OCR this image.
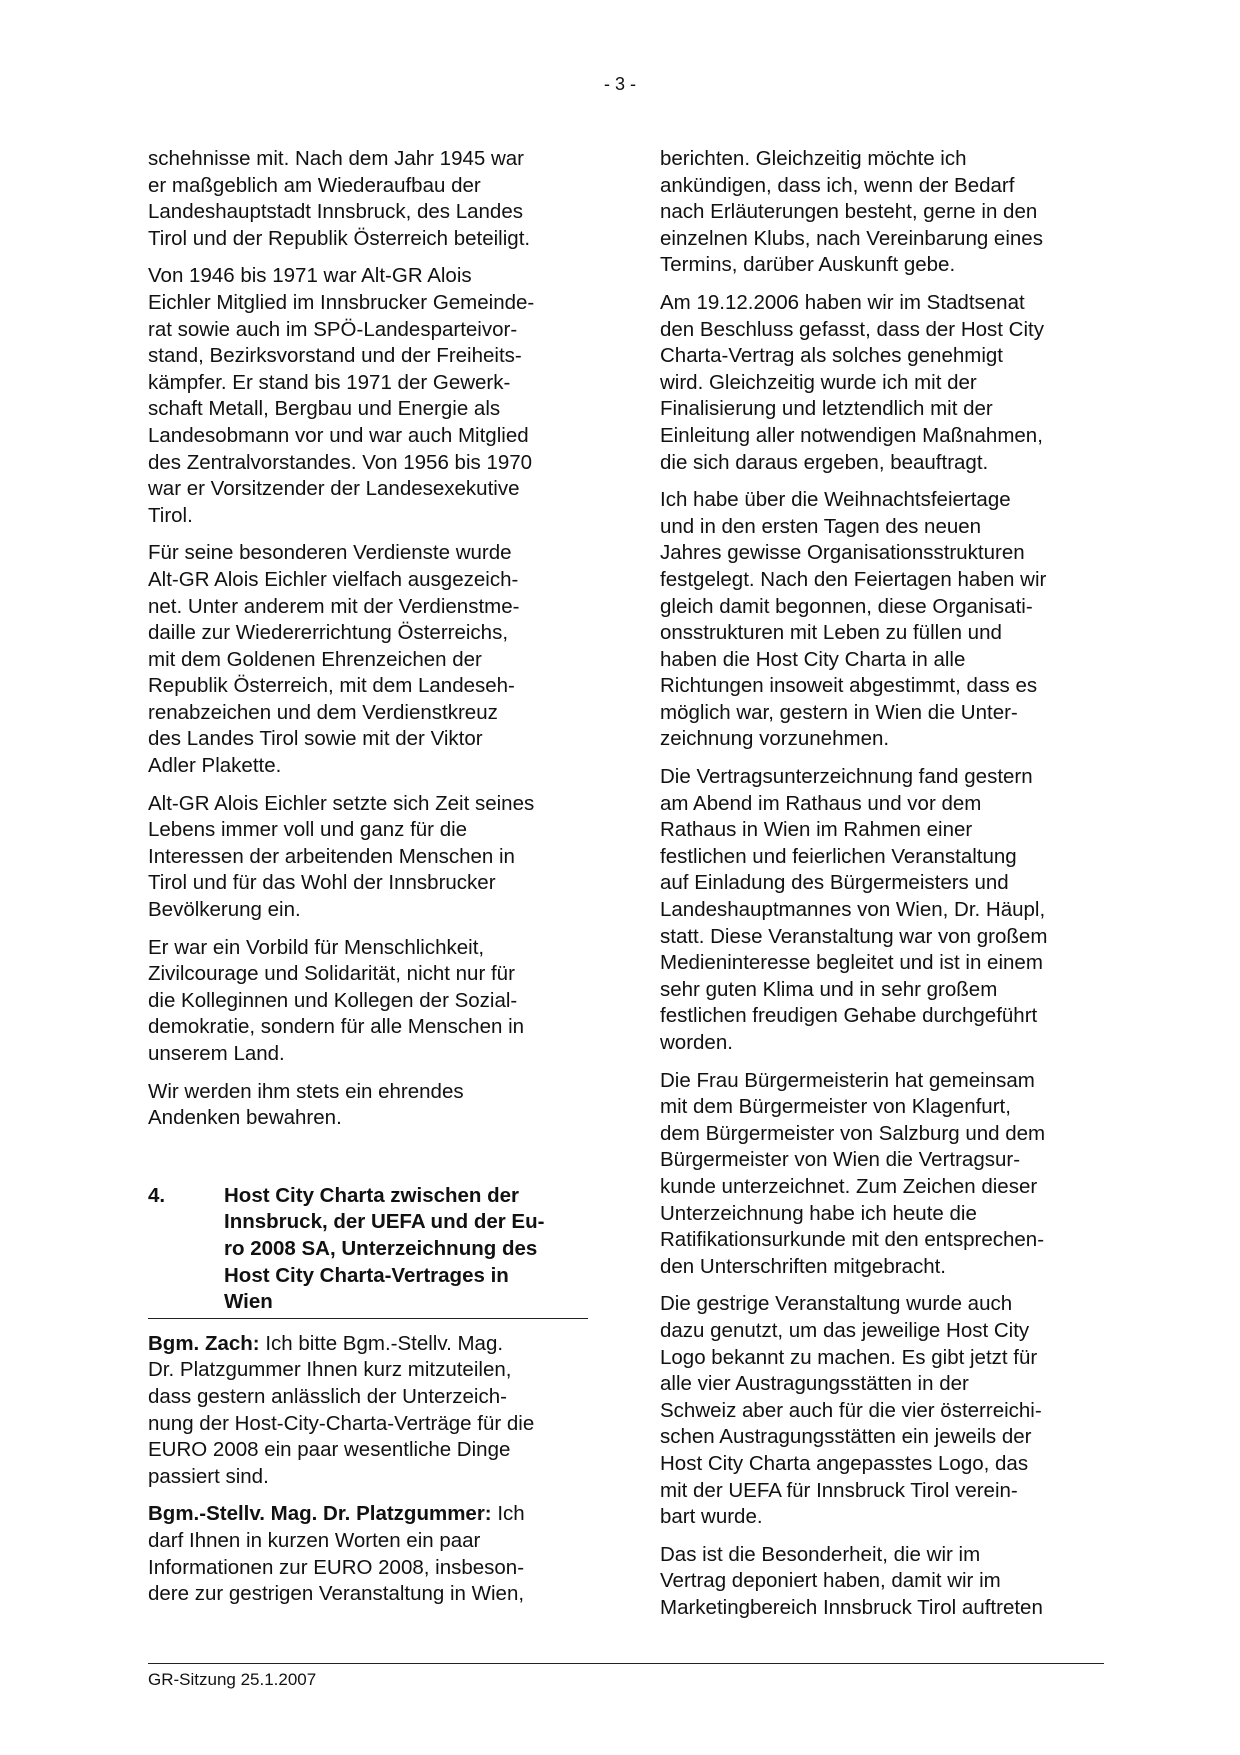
- 3 -

schehnisse mit. Nach dem Jahr 1945 war
er maßgeblich am Wiederaufbau der
Landeshauptstadt Innsbruck, des Landes
Tirol und der Republik Österreich beteiligt.

Von 1946 bis 1971 war Alt-GR Alois
Eichler Mitglied im Innsbrucker Gemeinde-
rat sowie auch im SPÖ-Landesparteivor-
stand, Bezirksvorstand und der Freiheits-
kämpfer. Er stand bis 1971 der Gewerk-
schaft Metall, Bergbau und Energie als
Landesobmann vor und war auch Mitglied
des Zentralvorstandes. Von 1956 bis 1970
war er Vorsitzender der Landesexekutive
Tirol.

Für seine besonderen Verdienste wurde
Alt-GR Alois Eichler vielfach ausgezeich-
net. Unter anderem mit der Verdienstme-
daille zur Wiedererrichtung Österreichs,
mit dem Goldenen Ehrenzeichen der
Republik Österreich, mit dem Landeseh-
renabzeichen und dem Verdienstkreuz
des Landes Tirol sowie mit der Viktor
Adler Plakette.

Alt-GR Alois Eichler setzte sich Zeit seines
Lebens immer voll und ganz für die
Interessen der arbeitenden Menschen in
Tirol und für das Wohl der Innsbrucker
Bevölkerung ein.

Er war ein Vorbild für Menschlichkeit,
Zivilcourage und Solidarität, nicht nur für
die Kolleginnen und Kollegen der Sozial-
demokratie, sondern für alle Menschen in
unserem Land.

Wir werden ihm stets ein ehrendes
Andenken bewahren.

4.	Host City Charta zwischen der
Innsbruck, der UEFA und der Eu-
ro 2008 SA, Unterzeichnung des
Host City Charta-Vertrages in
Wien

Bgm. Zach: Ich bitte Bgm.-Stellv. Mag.
Dr. Platzgummer Ihnen kurz mitzuteilen,
dass gestern anlässlich der Unterzeich-
nung der Host-City-Charta-Verträge für die
EURO 2008 ein paar wesentliche Dinge
passiert sind.

Bgm.-Stellv. Mag. Dr. Platzgummer: Ich
darf Ihnen in kurzen Worten ein paar
Informationen zur EURO 2008, insbeson-
dere zur gestrigen Veranstaltung in Wien,

berichten. Gleichzeitig möchte ich
ankündigen, dass ich, wenn der Bedarf
nach Erläuterungen besteht, gerne in den
einzelnen Klubs, nach Vereinbarung eines
Termins, darüber Auskunft gebe.

Am 19.12.2006 haben wir im Stadtsenat
den Beschluss gefasst, dass der Host City
Charta-Vertrag als solches genehmigt
wird. Gleichzeitig wurde ich mit der
Finalisierung und letztendlich mit der
Einleitung aller notwendigen Maßnahmen,
die sich daraus ergeben, beauftragt.

Ich habe über die Weihnachtsfeiertage
und in den ersten Tagen des neuen
Jahres gewisse Organisationsstrukturen
festgelegt. Nach den Feiertagen haben wir
gleich damit begonnen, diese Organisati-
onsstrukturen mit Leben zu füllen und
haben die Host City Charta in alle
Richtungen insoweit abgestimmt, dass es
möglich war, gestern in Wien die Unter-
zeichnung vorzunehmen.

Die Vertragsunterzeichnung fand gestern
am Abend im Rathaus und vor dem
Rathaus in Wien im Rahmen einer
festlichen und feierlichen Veranstaltung
auf Einladung des Bürgermeisters und
Landeshauptmannes von Wien, Dr. Häupl,
statt. Diese Veranstaltung war von großem
Medieninteresse begleitet und ist in einem
sehr guten Klima und in sehr großem
festlichen freudigen Gehabe durchgeführt
worden.

Die Frau Bürgermeisterin hat gemeinsam
mit dem Bürgermeister von Klagenfurt,
dem Bürgermeister von Salzburg und dem
Bürgermeister von Wien die Vertragsur-
kunde unterzeichnet. Zum Zeichen dieser
Unterzeichnung habe ich heute die
Ratifikationsurkunde mit den entsprechen-
den Unterschriften mitgebracht.

Die gestrige Veranstaltung wurde auch
dazu genutzt, um das jeweilige Host City
Logo bekannt zu machen. Es gibt jetzt für
alle vier Austragungsstätten in der
Schweiz aber auch für die vier österreichi-
schen Austragungsstätten ein jeweils der
Host City Charta angepasstes Logo, das
mit der UEFA für Innsbruck Tirol verein-
bart wurde.

Das ist die Besonderheit, die wir im
Vertrag deponiert haben, damit wir im
Marketingbereich Innsbruck Tirol auftreten

GR-Sitzung 25.1.2007
